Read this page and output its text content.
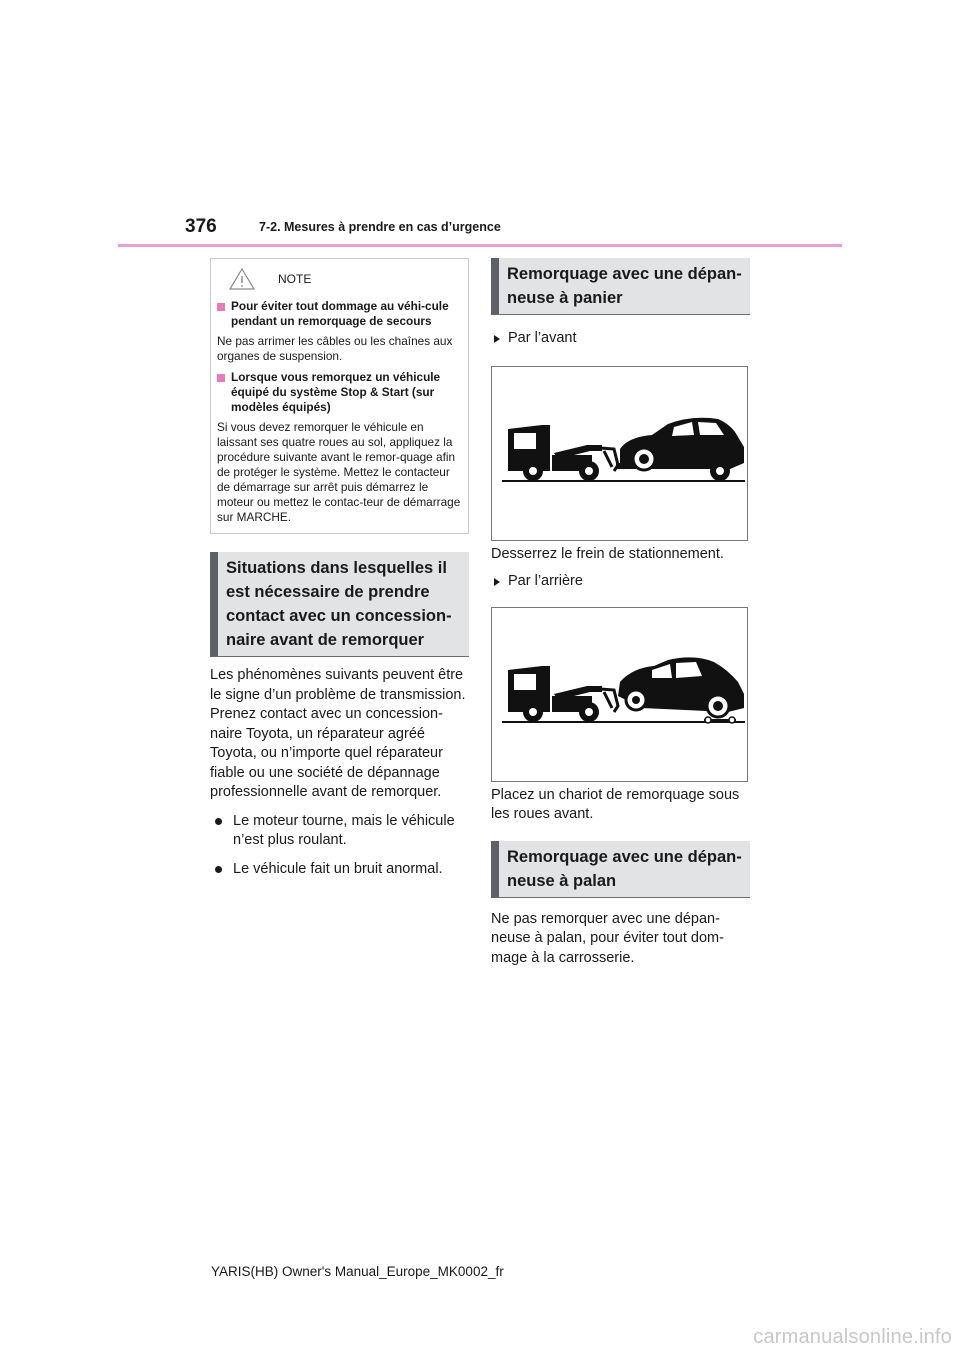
376	7-2. Mesures à prendre en cas d’urgence
NOTE
Pour éviter tout dommage au véhi-cule pendant un remorquage de secours

Ne pas arrimer les câbles ou les chaînes aux organes de suspension.

Lorsque vous remorquez un véhicule équipé du système Stop & Start (sur modèles équipés)

Si vous devez remorquer le véhicule en laissant ses quatre roues au sol, appliquez la procédure suivante avant le remor-quage afin de protéger le système. Mettez le contacteur de démarrage sur arrêt puis démarrez le moteur ou mettez le contac-teur de démarrage sur MARCHE.

Situations dans lesquelles il est nécessaire de prendre contact avec un concession-naire avant de remorquer

Les phénomènes suivants peuvent être le signe d’un problème de transmission. Prenez contact avec un concession-naire Toyota, un réparateur agréé Toyota, ou n’importe quel réparateur fiable ou une société de dépannage professionnelle avant de remorquer.

Le moteur tourne, mais le véhicule n’est plus roulant.
Le véhicule fait un bruit anormal.
Remorquage avec une dépan-neuse à panier
Par l’avant

Desserrez le frein de stationnement.

Par l’arrière

Placez un chariot de remorquage sous les roues avant.

Remorquage avec une dépan-neuse à palan

Ne pas remorquer avec une dépan-neuse à palan, pour éviter tout dom-mage à la carrosserie.

YARIS(HB) Owner's Manual_Europe_MK0002_fr
carmanualsonline.info
